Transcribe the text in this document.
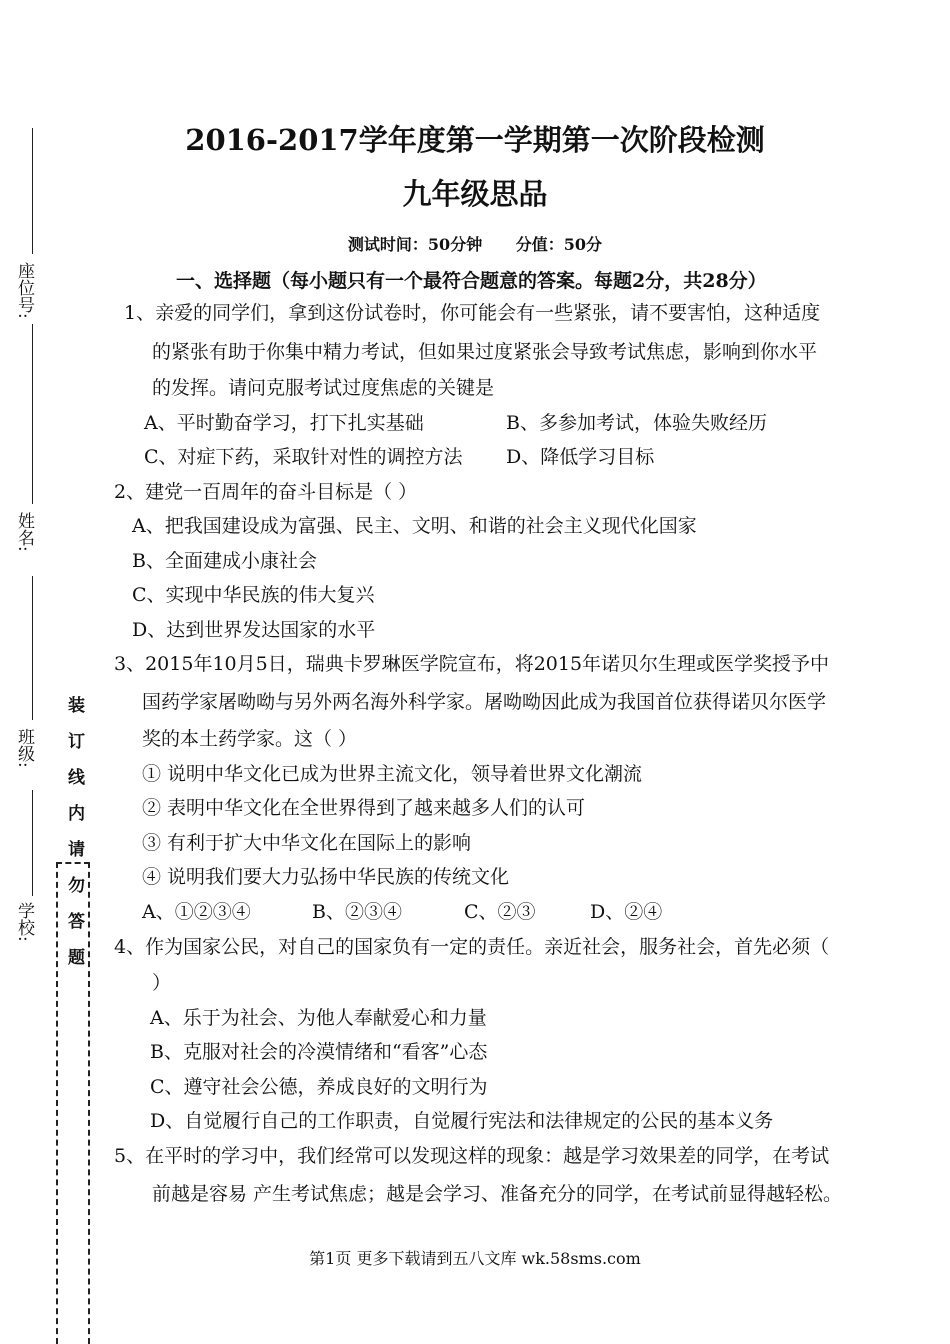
座位号:
姓名:
班级:
学校: 装订线内请勿答题
2016-2017学年度第一学期第一次阶段检测
九年级思品
测试时间：50分钟 分值：50分
一、选择题（每小题只有一个最符合题意的答案。每题2分，共28分）
1、亲爱的同学们，拿到这份试卷时，你可能会有一些紧张，请不要害怕，这种适度
的紧张有助于你集中精力考试，但如果过度紧张会导致考试焦虑，影响到你水平
的发挥。请问克服考试过度焦虑的关键是
A、平时勤奋学习，打下扎实基础	B、多参加考试，体验失败经历
C、对症下药，采取针对性的调控方法 D、降低学习目标
2、建党一百周年的奋斗目标是（ ）
A、把我国建设成为富强、民主、文明、和谐的社会主义现代化国家
B、全面建成小康社会
C、实现中华民族的伟大复兴
D、达到世界发达国家的水平
3、2015年10月5日，瑞典卡罗琳医学院宣布，将2015年诺贝尔生理或医学奖授予中
国药学家屠呦呦与另外两名海外科学家。屠呦呦因此成为我国首位获得诺贝尔医学
奖的本土药学家。这（ ）
① 说明中华文化已成为世界主流文化，领导着世界文化潮流
② 表明中华文化在全世界得到了越来越多人们的认可
③ 有利于扩大中华文化在国际上的影响
④ 说明我们要大力弘扬中华民族的传统文化
A、①②③④	B、②③④	C、②③	D、②④
4、作为国家公民，对自己的国家负有一定的责任。亲近社会，服务社会，首先必须（
）
A、乐于为社会、为他人奉献爱心和力量
B、克服对社会的冷漠情绪和“看客”心态
C、遵守社会公德，养成良好的文明行为
D、自觉履行自己的工作职责，自觉履行宪法和法律规定的公民的基本义务
5、在平时的学习中，我们经常可以发现这样的现象：越是学习效果差的同学，在考试
前越是容易 产生考试焦虑；越是会学习、准备充分的同学，在考试前显得越轻松。
第1页 更多下载请到五八文库 wk.58sms.com
